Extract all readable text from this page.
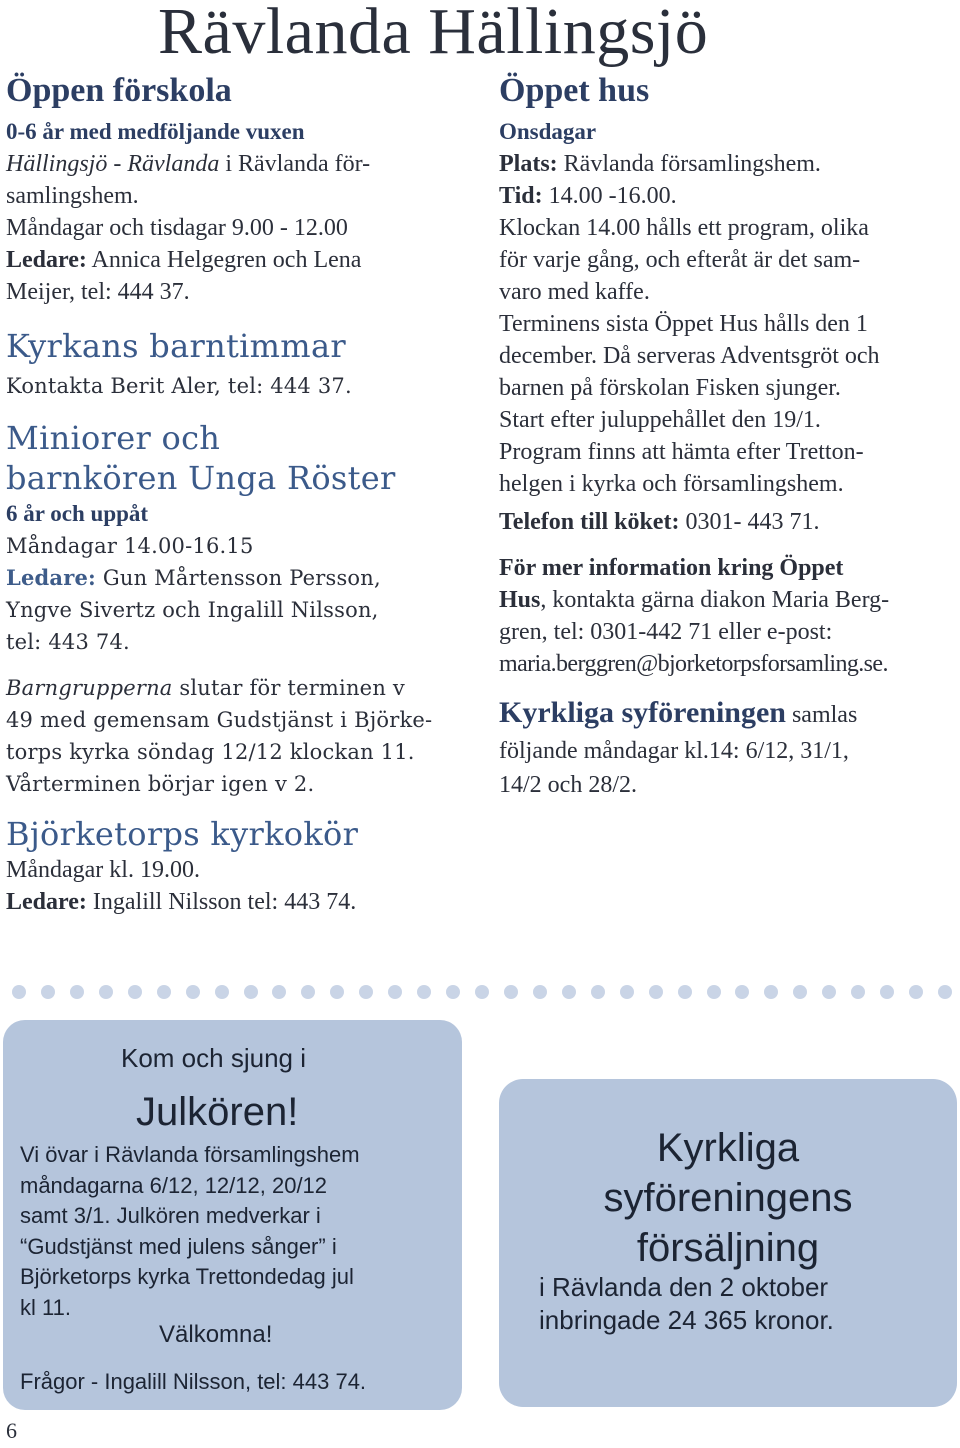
Rävlanda Hällingsjö

Öppen förskola

0-6 år med medföljande vuxen

Hällingsjö - Rävlanda i Rävlanda för-

samlingshem.

Måndagar och tisdagar 9.00 - 12.00

Ledare: Annica Helgegren och Lena

Meijer, tel: 444 37.

Kyrkans barntimmar

Kontakta Berit Aler, tel: 444 37.

Miniorer och

barnkören Unga Röster

6 år och uppåt

Måndagar 14.00-16.15

Ledare: Gun Mårtensson Persson,

Yngve Sivertz och Ingalill Nilsson,

tel: 443 74.

Barngrupperna slutar för terminen v

49 med gemensam Gudstjänst i Björke-

torps kyrka söndag 12/12 klockan 11.

Vårterminen börjar igen v 2.

Björketorps kyrkokör

Måndagar kl. 19.00.

Ledare: Ingalill Nilsson tel: 443 74.

Öppet hus

Onsdagar

Plats: Rävlanda församlingshem.

Tid: 14.00 -16.00.

Klockan 14.00 hålls ett program, olika

för varje gång, och efteråt är det sam-

varo med kaffe.

Terminens sista Öppet Hus hålls den 1

december. Då serveras Adventsgröt och

barnen på förskolan Fisken sjunger.

Start efter juluppehållet den 19/1.

Program finns att hämta efter Tretton-

helgen i kyrka och församlingshem.

Telefon till köket: 0301- 443 71.

För mer information kring Öppet

Hus, kontakta gärna diakon Maria Berg-

gren, tel: 0301-442 71 eller e-post:

maria.berggren@bjorketorpsforsamling.se.

Kyrkliga syföreningen samlas

följande måndagar kl.14: 6/12, 31/1,

14/2 och 28/2.

Kom och sjung i
Julkören!
Vi övar i Rävlanda församlingshem
måndagarna 6/12, 12/12, 20/12
samt 3/1. Julkören medverkar i
“Gudstjänst med julens sånger” i
Björketorps kyrka Trettondedag jul
kl 11.
Välkomna!
Frågor - Ingalill Nilsson, tel: 443 74.
Kyrkliga
syföreningens
försäljning
i Rävlanda den 2 oktober
inbringade 24 365 kronor.
6
